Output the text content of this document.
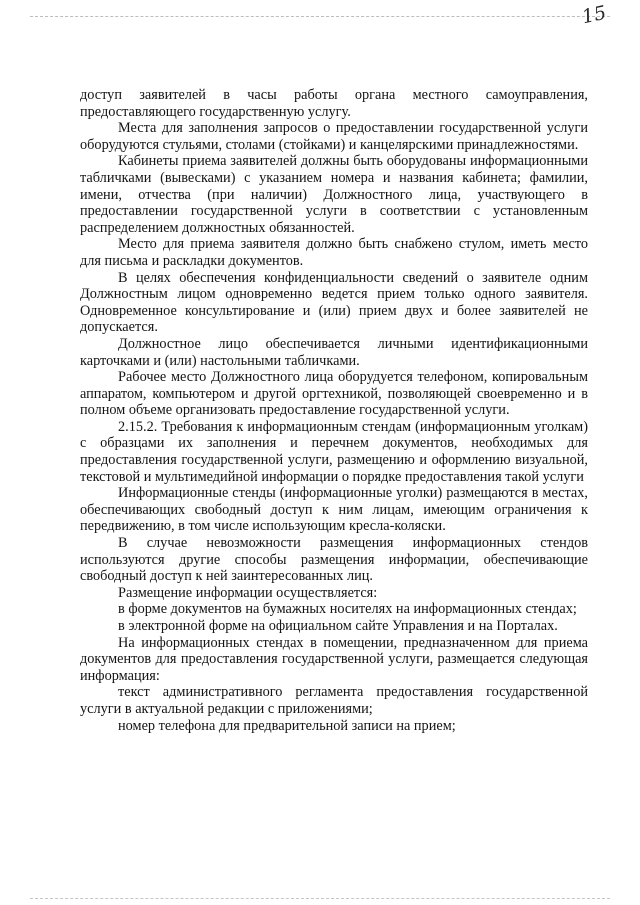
15

доступ заявителей в часы работы органа местного самоуправления, предоставляющего государственную услугу.

Места для заполнения запросов о предоставлении государственной услуги оборудуются стульями, столами (стойками) и канцелярскими принадлежностями.

Кабинеты приема заявителей должны быть оборудованы информационными табличками (вывесками) с указанием номера и названия кабинета; фамилии, имени, отчества (при наличии) Должностного лица, участвующего в предоставлении государственной услуги в соответствии с установленным распределением должностных обязанностей.

Место для приема заявителя должно быть снабжено стулом, иметь место для письма и раскладки документов.

В целях обеспечения конфиденциальности сведений о заявителе одним Должностным лицом одновременно ведется прием только одного заявителя. Одновременное консультирование и (или) прием двух и более заявителей не допускается.

Должностное лицо обеспечивается личными идентификационными карточками и (или) настольными табличками.

Рабочее место Должностного лица оборудуется телефоном, копировальным аппаратом, компьютером и другой оргтехникой, позволяющей своевременно и в полном объеме организовать предоставление государственной услуги.

2.15.2. Требования к информационным стендам (информационным уголкам) с образцами их заполнения и перечнем документов, необходимых для предоставления государственной услуги, размещению и оформлению визуальной, текстовой и мультимедийной информации о порядке предоставления такой услуги

Информационные стенды (информационные уголки) размещаются в местах, обеспечивающих свободный доступ к ним лицам, имеющим ограничения к передвижению, в том числе использующим кресла-коляски.

В случае невозможности размещения информационных стендов используются другие способы размещения информации, обеспечивающие свободный доступ к ней заинтересованных лиц.

Размещение информации осуществляется:

в форме документов на бумажных носителях на информационных стендах;

в электронной форме на официальном сайте Управления и на Порталах.

На информационных стендах в помещении, предназначенном для приема документов для предоставления государственной услуги, размещается следующая информация:

текст административного регламента предоставления государственной услуги в актуальной редакции с приложениями;

номер телефона для предварительной записи на прием;
